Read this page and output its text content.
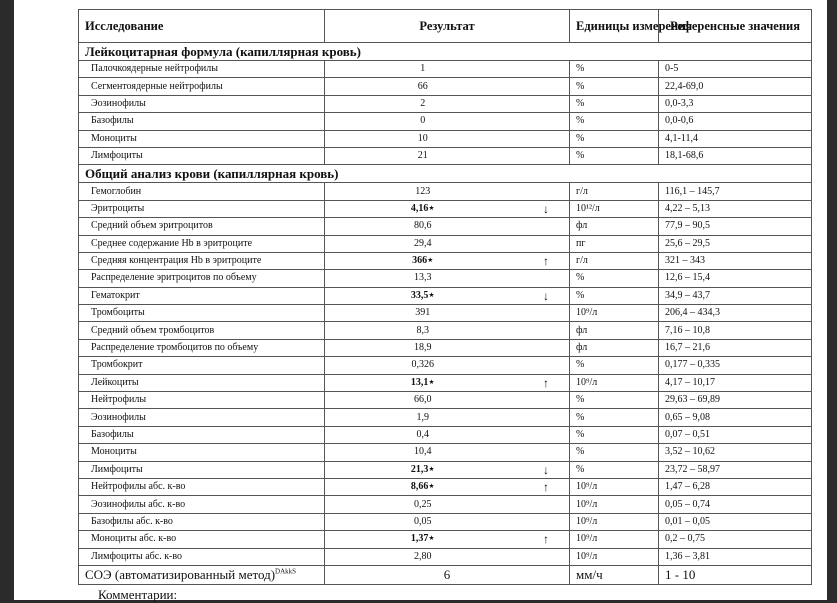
Исследование	Результат		Единицы измерения	Референсные значения
Лейкоцитарная формула (капиллярная кровь)				
Палочкоядерные нейтрофилы	1		%	0-5
Сегментоядерные нейтрофилы	66		%	22,4-69,0
Эозинофилы	2		%	0,0-3,3
Базофилы	0		%	0,0-0,6
Моноциты	10		%	4,1-11,4
Лимфоциты	21		%	18,1-68,6
Общий анализ крови (капиллярная кровь)				
Гемоглобин	123		г/л	116,1 – 145,7
Эритроциты	4,16⋆	↓	10¹²/л	4,22 – 5,13
Средний объем эритроцитов	80,6		фл	77,9 – 90,5
Среднее содержание Hb в эритроците	29,4		пг	25,6 – 29,5
Средняя концентрация Hb в эритроците	366⋆	↑	г/л	321 – 343
Распределение эритроцитов по объему	13,3		%	12,6 – 15,4
Гематокрит	33,5⋆	↓	%	34,9 – 43,7
Тромбоциты	391		10⁹/л	206,4 – 434,3
Средний объем тромбоцитов	8,3		фл	7,16 – 10,8
Распределение тромбоцитов по объему	18,9		фл	16,7 – 21,6
Тромбокрит	0,326		%	0,177 – 0,335
Лейкоциты	13,1⋆	↑	10⁹/л	4,17 – 10,17
Нейтрофилы	66,0		%	29,63 – 69,89
Эозинофилы	1,9		%	0,65 – 9,08
Базофилы	0,4		%	0,07 – 0,51
Моноциты	10,4		%	3,52 – 10,62
Лимфоциты	21,3⋆	↓	%	23,72 – 58,97
Нейтрофилы абс. к-во	8,66⋆	↑	10⁹/л	1,47 – 6,28
Эозинофилы абс. к-во	0,25		10⁹/л	0,05 – 0,74
Базофилы абс. к-во	0,05		10⁹/л	0,01 – 0,05
Моноциты абс. к-во	1,37⋆	↑	10⁹/л	0,2 – 0,75
Лимфоциты абс. к-во	2,80		10⁹/л	1,36 – 3,81
СОЭ (автоматизированный метод)$^{DAkkS}$	6		мм/ч	1 - 10
Комментарии:
